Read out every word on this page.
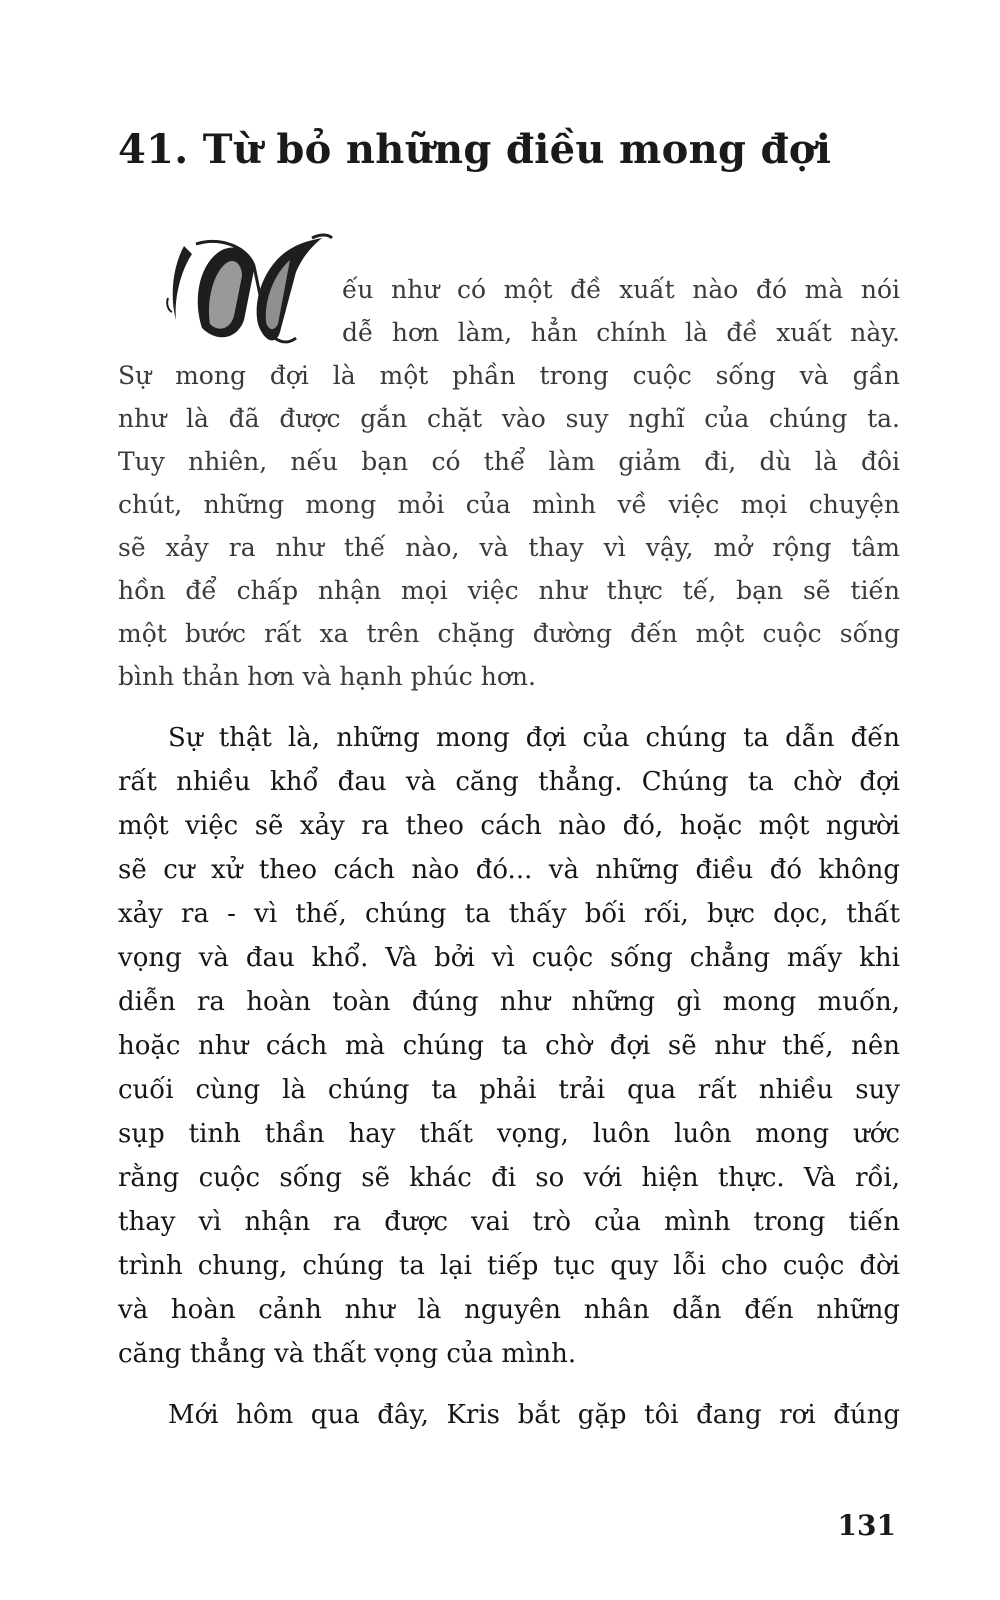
41. Từ bỏ những điều mong đợi

ếu như có một đề xuất nào đó mà nói

dễ hơn làm, hẳn chính là đề xuất này.

Sự mong đợi là một phần trong cuộc sống và gần

như là đã được gắn chặt vào suy nghĩ của chúng ta.

Tuy nhiên, nếu bạn có thể làm giảm đi, dù là đôi

chút, những mong mỏi của mình về việc mọi chuyện

sẽ xảy ra như thế nào, và thay vì vậy, mở rộng tâm

hồn để chấp nhận mọi việc như thực tế, bạn sẽ tiến

một bước rất xa trên chặng đường đến một cuộc sống

bình thản hơn và hạnh phúc hơn.

Sự thật là, những mong đợi của chúng ta dẫn đến

rất nhiều khổ đau và căng thẳng. Chúng ta chờ đợi

một việc sẽ xảy ra theo cách nào đó, hoặc một người

sẽ cư xử theo cách nào đó... và những điều đó không

xảy ra - vì thế, chúng ta thấy bối rối, bực dọc, thất

vọng và đau khổ. Và bởi vì cuộc sống chẳng mấy khi

diễn ra hoàn toàn đúng như những gì mong muốn,

hoặc như cách mà chúng ta chờ đợi sẽ như thế, nên

cuối cùng là chúng ta phải trải qua rất nhiều suy

sụp tinh thần hay thất vọng, luôn luôn mong ước

rằng cuộc sống sẽ khác đi so với hiện thực. Và rồi,

thay vì nhận ra được vai trò của mình trong tiến

trình chung, chúng ta lại tiếp tục quy lỗi cho cuộc đời

và hoàn cảnh như là nguyên nhân dẫn đến những

căng thẳng và thất vọng của mình.

Mới hôm qua đây, Kris bắt gặp tôi đang rơi đúng

131
